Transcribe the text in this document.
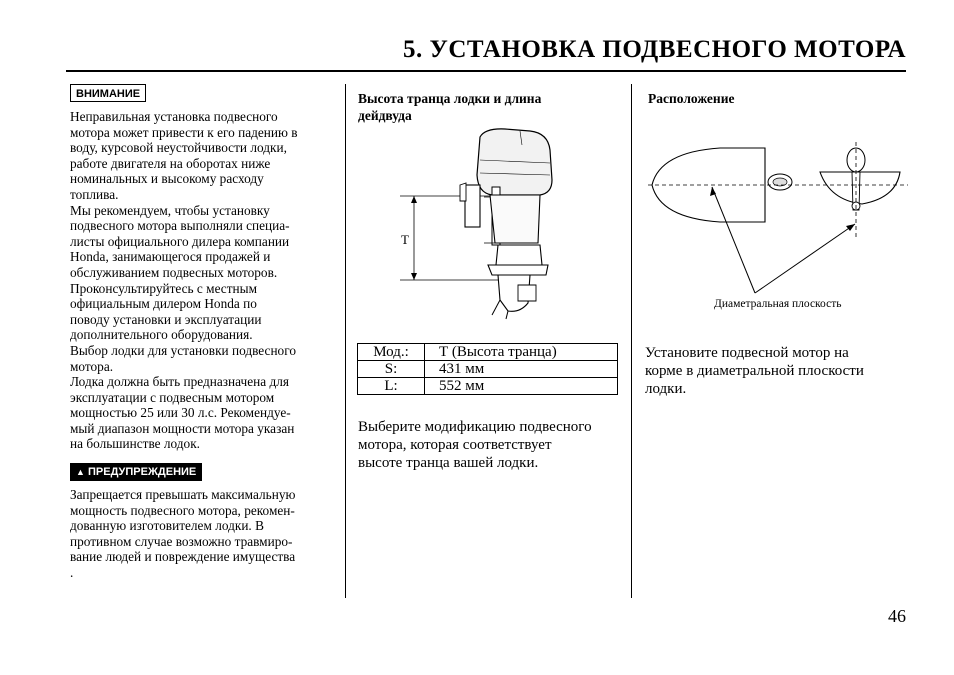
5. УСТАНОВКА ПОДВЕСНОГО МОТОРА
ВНИМАНИЕ
Неправильная установка подвесного
мотора может привести к его падению в
воду, курсовой неустойчивости лодки,
работе двигателя на оборотах ниже
номинальных и высокому расходу
топлива.
Мы рекомендуем, чтобы установку
подвесного мотора выполняли специа-
листы официального дилера компании
Honda, занимающегося продажей и
обслуживанием подвесных моторов.
Проконсультируйтесь с местным
официальным дилером Honda по
поводу установки и эксплуатации
дополнительного оборудования.
Выбор лодки для установки подвесного
мотора.
Лодка должна быть предназначена для
эксплуатации с подвесным мотором
мощностью 25 или 30 л.с. Рекомендуе-
мый диапазон мощности мотора указан
на большинстве лодок.
▲ ПРЕДУПРЕЖДЕНИЕ
Запрещается превышать максимальную
мощность подвесного мотора, рекомен-
дованную изготовителем лодки. В
противном случае возможно травмиро-
вание людей и повреждение имущества
.
Высота транца лодки и длина
дейдвуда
T
Мод.:	Т (Высота транца)
S:	431 мм
L:	552 мм
Выберите модификацию подвесного
мотора, которая соответствует
высоте транца вашей лодки.
Расположение
Диаметральная плоскость
Установите подвесной мотор на
корме в диаметральной плоскости
лодки.
46
